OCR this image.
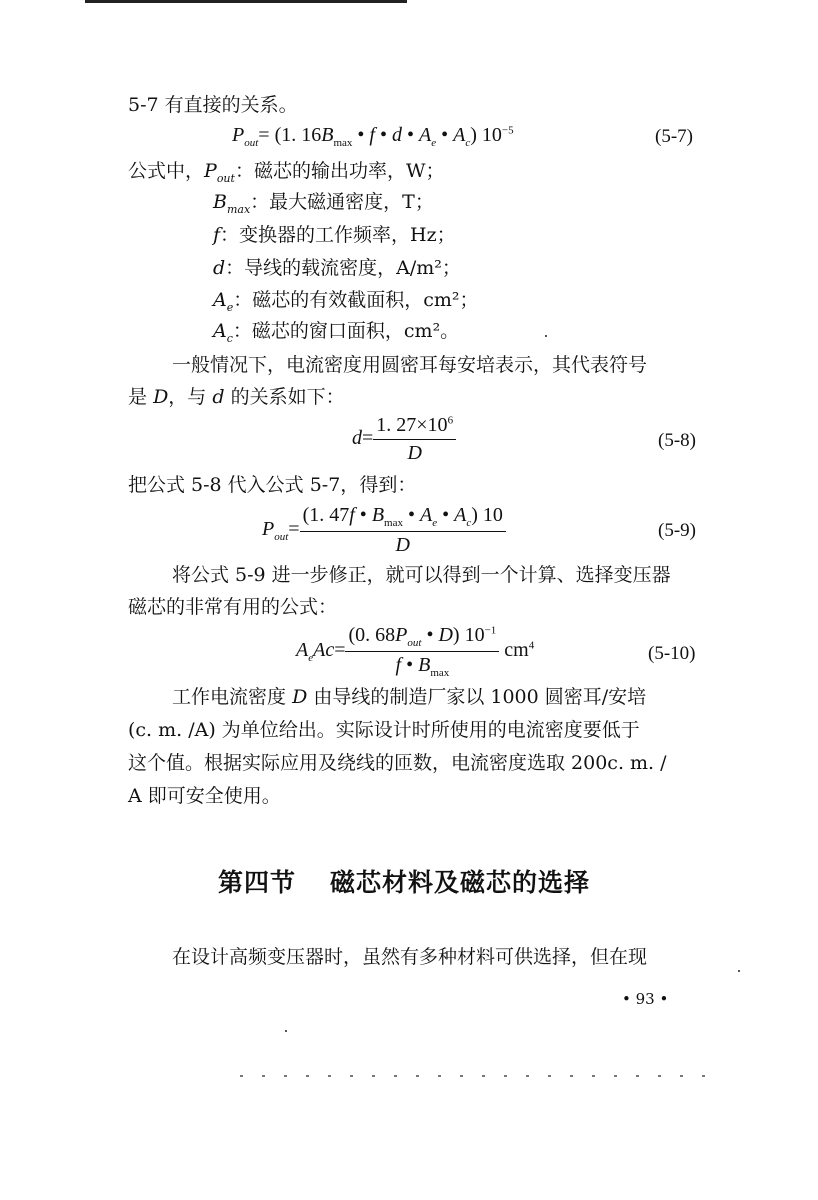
5-7 有直接的关系。
$P_{out}= (1$. $16B_{max}$ • f • d • $A_e$ • $A_c$) $10^{-5}$	(5-7)
公式中，$P_{out}$：磁芯的输出功率，W；
$B_{max}$：最大磁通密度，T；
f：变换器的工作频率，Hz；
d：导线的载流密度，A/m²；
$A_e$：磁芯的有效截面积，cm²；
$A_c$：磁芯的窗口面积，cm²。
一般情况下，电流密度用圆密耳每安培表示，其代表符号
是 D，与 d 的关系如下：
$d= \frac{1. 27\times 10^6}{D}$	(5-8)
把公式 5-8 代入公式 5-7，得到：
$P_{out}= \frac{(1. 47f • B_{max} • A_e • A_c) 10}{D}$	(5-9)
将公式 5-9 进一步修正，就可以得到一个计算、选择变压器
磁芯的非常有用的公式：
$A_eAc= \frac{(0. 68P_{out} • D) 10^{-1}}{f • B_{max}} cm^4$	(5-10)
工作电流密度 D 由导线的制造厂家以 1000 圆密耳/安培
(c. m. /A) 为单位给出。实际设计时所使用的电流密度要低于
这个值。根据实际应用及绕线的匝数，电流密度选取 200c. m. /
A 即可安全使用。
第四节 磁芯材料及磁芯的选择
在设计高频变压器时，虽然有多种材料可供选择，但在现
• 93 •
